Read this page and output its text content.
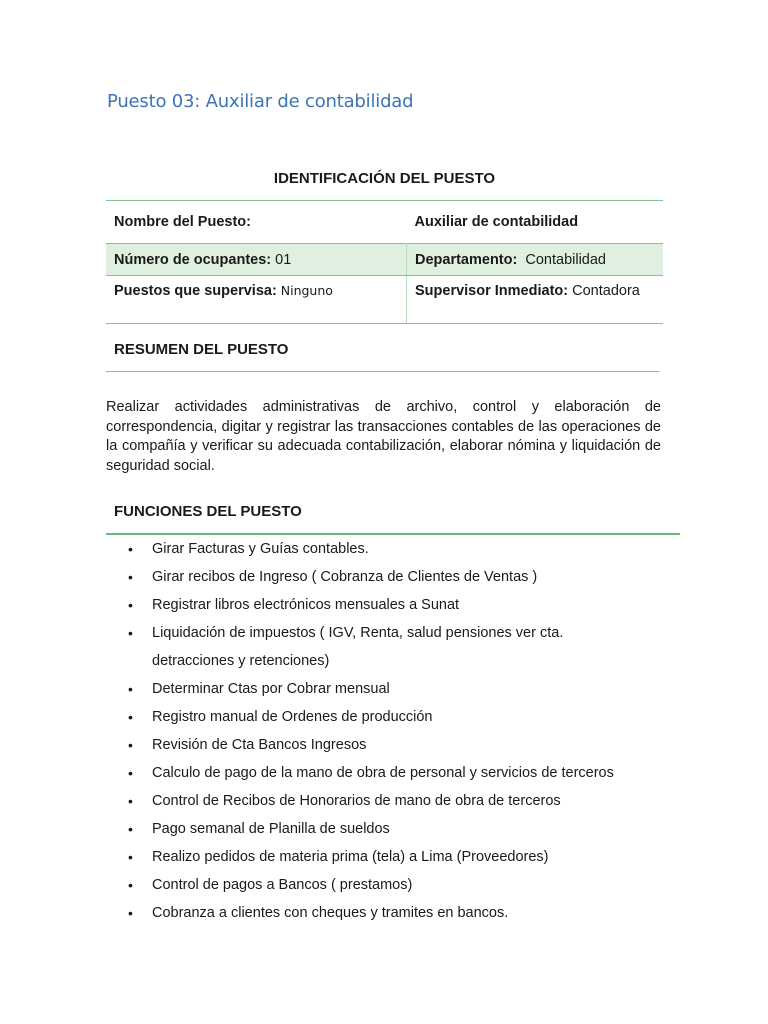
Puesto 03: Auxiliar de contabilidad
IDENTIFICACIÓN DEL PUESTO
Nombre del Puesto:	Auxiliar de contabilidad
Número de ocupantes: 01	Departamento:  Contabilidad
Puestos que supervisa: Ninguno	Supervisor Inmediato: Contadora
RESUMEN DEL PUESTO

Realizar actividades administrativas de archivo, control y elaboración de correspondencia, digitar y registrar las transacciones contables de las operaciones de la compañía y verificar su adecuada contabilización, elaborar nómina y liquidación de seguridad social.

FUNCIONES DEL PUESTO
• Girar Facturas y Guías contables.
• Girar recibos de Ingreso ( Cobranza de Clientes de Ventas )
• Registrar libros electrónicos mensuales a Sunat
• Liquidación de impuestos ( IGV, Renta, salud pensiones ver cta.
detracciones y retenciones)
• Determinar Ctas por Cobrar mensual
• Registro manual de Ordenes de producción
• Revisión de Cta Bancos Ingresos
• Calculo de pago de la mano de obra de personal y servicios de terceros
• Control de Recibos de Honorarios de mano de obra de terceros
• Pago semanal de Planilla de sueldos
• Realizo pedidos de materia prima (tela) a Lima (Proveedores)
• Control de pagos a Bancos ( prestamos)
• Cobranza a clientes con cheques y tramites en bancos.
